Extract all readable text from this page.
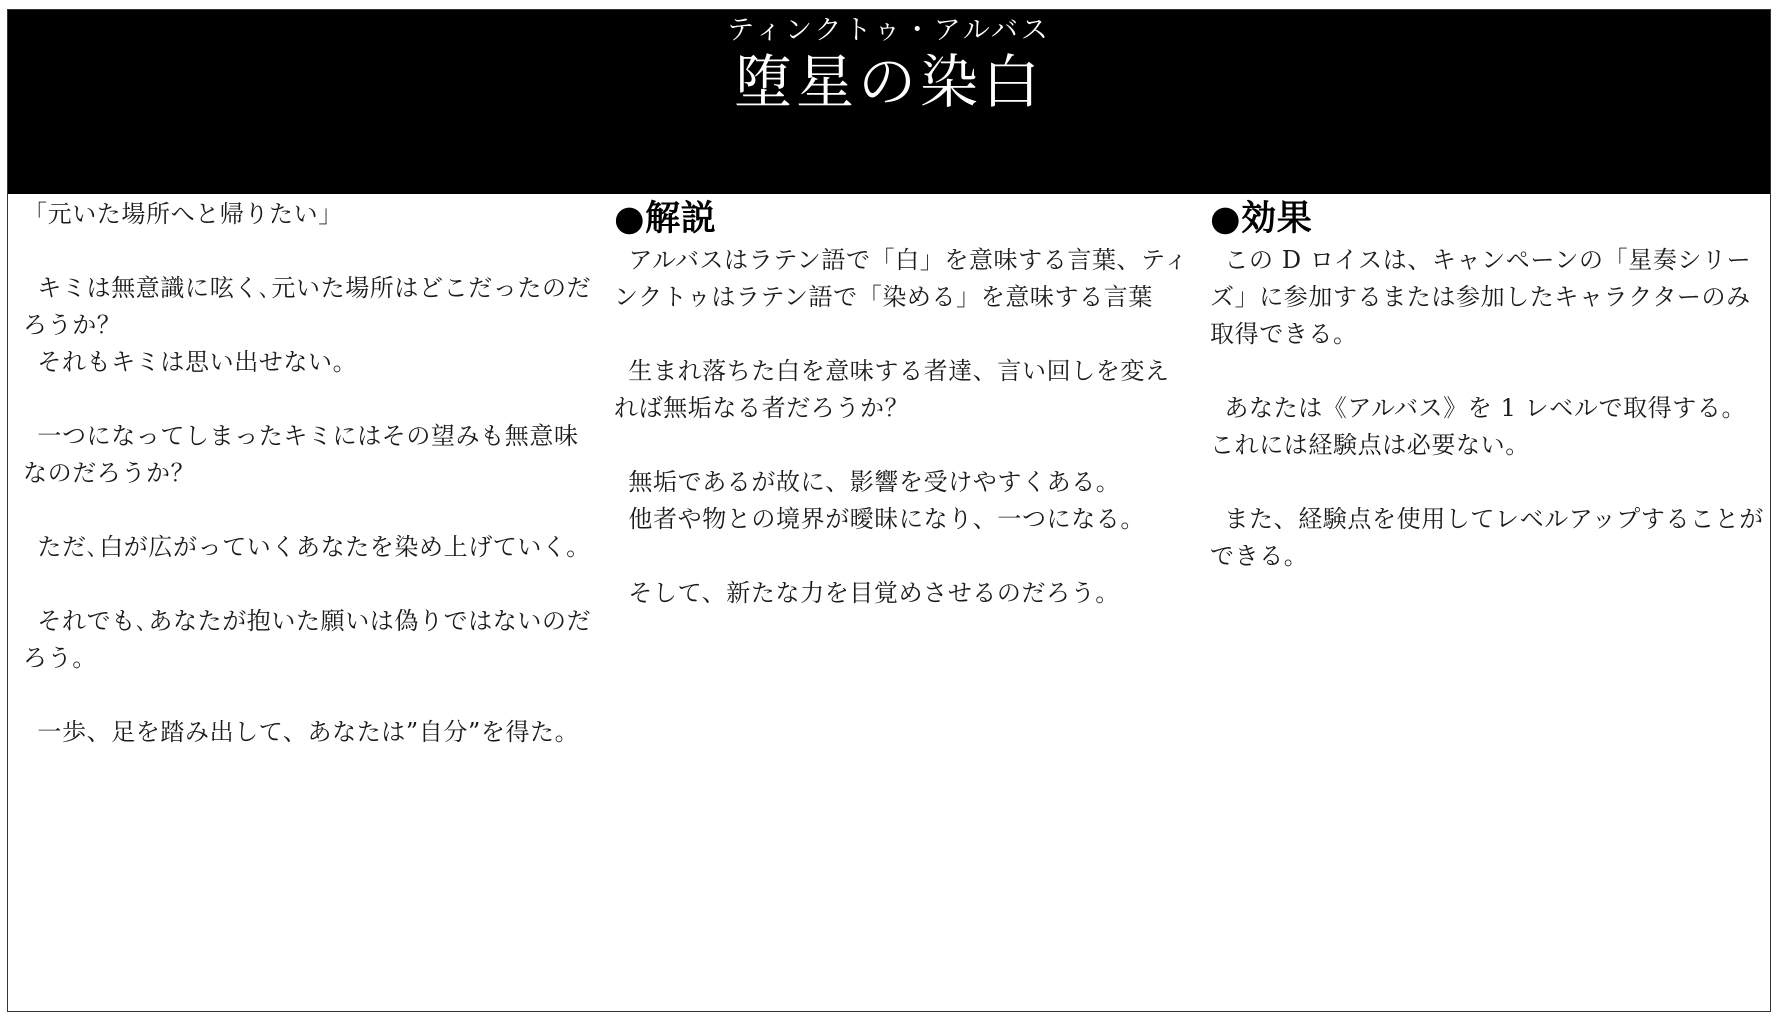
ティンクトゥ・アルバス
堕星の染白

「元いた場所へと帰りたい」

キミは無意識に呟く､元いた場所はどこだったのだろうか？

それもキミは思い出せない。

一つになってしまったキミにはその望みも無意味なのだろうか？

ただ､白が広がっていくあなたを染め上げていく。

それでも､あなたが抱いた願いは偽りではないのだろう。

一歩、足を踏み出して、あなたは”自分”を得た。

●解説

アルバスはラテン語で「白」を意味する言葉、ティンクトゥはラテン語で「染める」を意味する言葉

生まれ落ちた白を意味する者達、言い回しを変えれば無垢なる者だろうか？

無垢であるが故に、影響を受けやすくある。

他者や物との境界が曖昧になり、一つになる。

そして、新たな力を目覚めさせるのだろう。

●効果

この D ロイスは、キャンペーンの「星奏シリーズ」に参加するまたは参加したキャラクターのみ取得できる。

あなたは《アルバス》を 1 レベルで取得する。これには経験点は必要ない。

また、経験点を使用してレベルアップすることができる。
